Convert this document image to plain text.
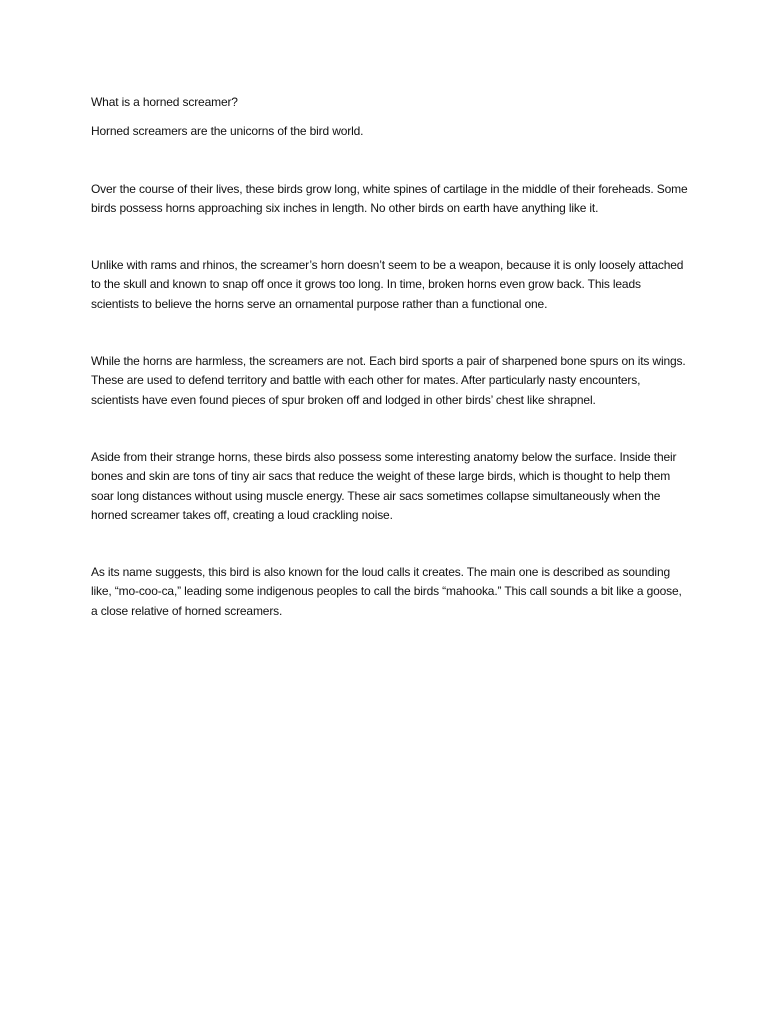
What is a horned screamer?

Horned screamers are the unicorns of the bird world.

Over the course of their lives, these birds grow long, white spines of cartilage in the middle of their foreheads. Some birds possess horns approaching six inches in length. No other birds on earth have anything like it.

Unlike with rams and rhinos, the screamer’s horn doesn’t seem to be a weapon, because it is only loosely attached to the skull and known to snap off once it grows too long. In time, broken horns even grow back. This leads scientists to believe the horns serve an ornamental purpose rather than a functional one.

While the horns are harmless, the screamers are not. Each bird sports a pair of sharpened bone spurs on its wings. These are used to defend territory and battle with each other for mates. After particularly nasty encounters, scientists have even found pieces of spur broken off and lodged in other birds’ chest like shrapnel.

Aside from their strange horns, these birds also possess some interesting anatomy below the surface. Inside their bones and skin are tons of tiny air sacs that reduce the weight of these large birds, which is thought to help them soar long distances without using muscle energy. These air sacs sometimes collapse simultaneously when the horned screamer takes off, creating a loud crackling noise.

As its name suggests, this bird is also known for the loud calls it creates. The main one is described as sounding like, “mo-coo-ca,” leading some indigenous peoples to call the birds “mahooka.” This call sounds a bit like a goose, a close relative of horned screamers.
